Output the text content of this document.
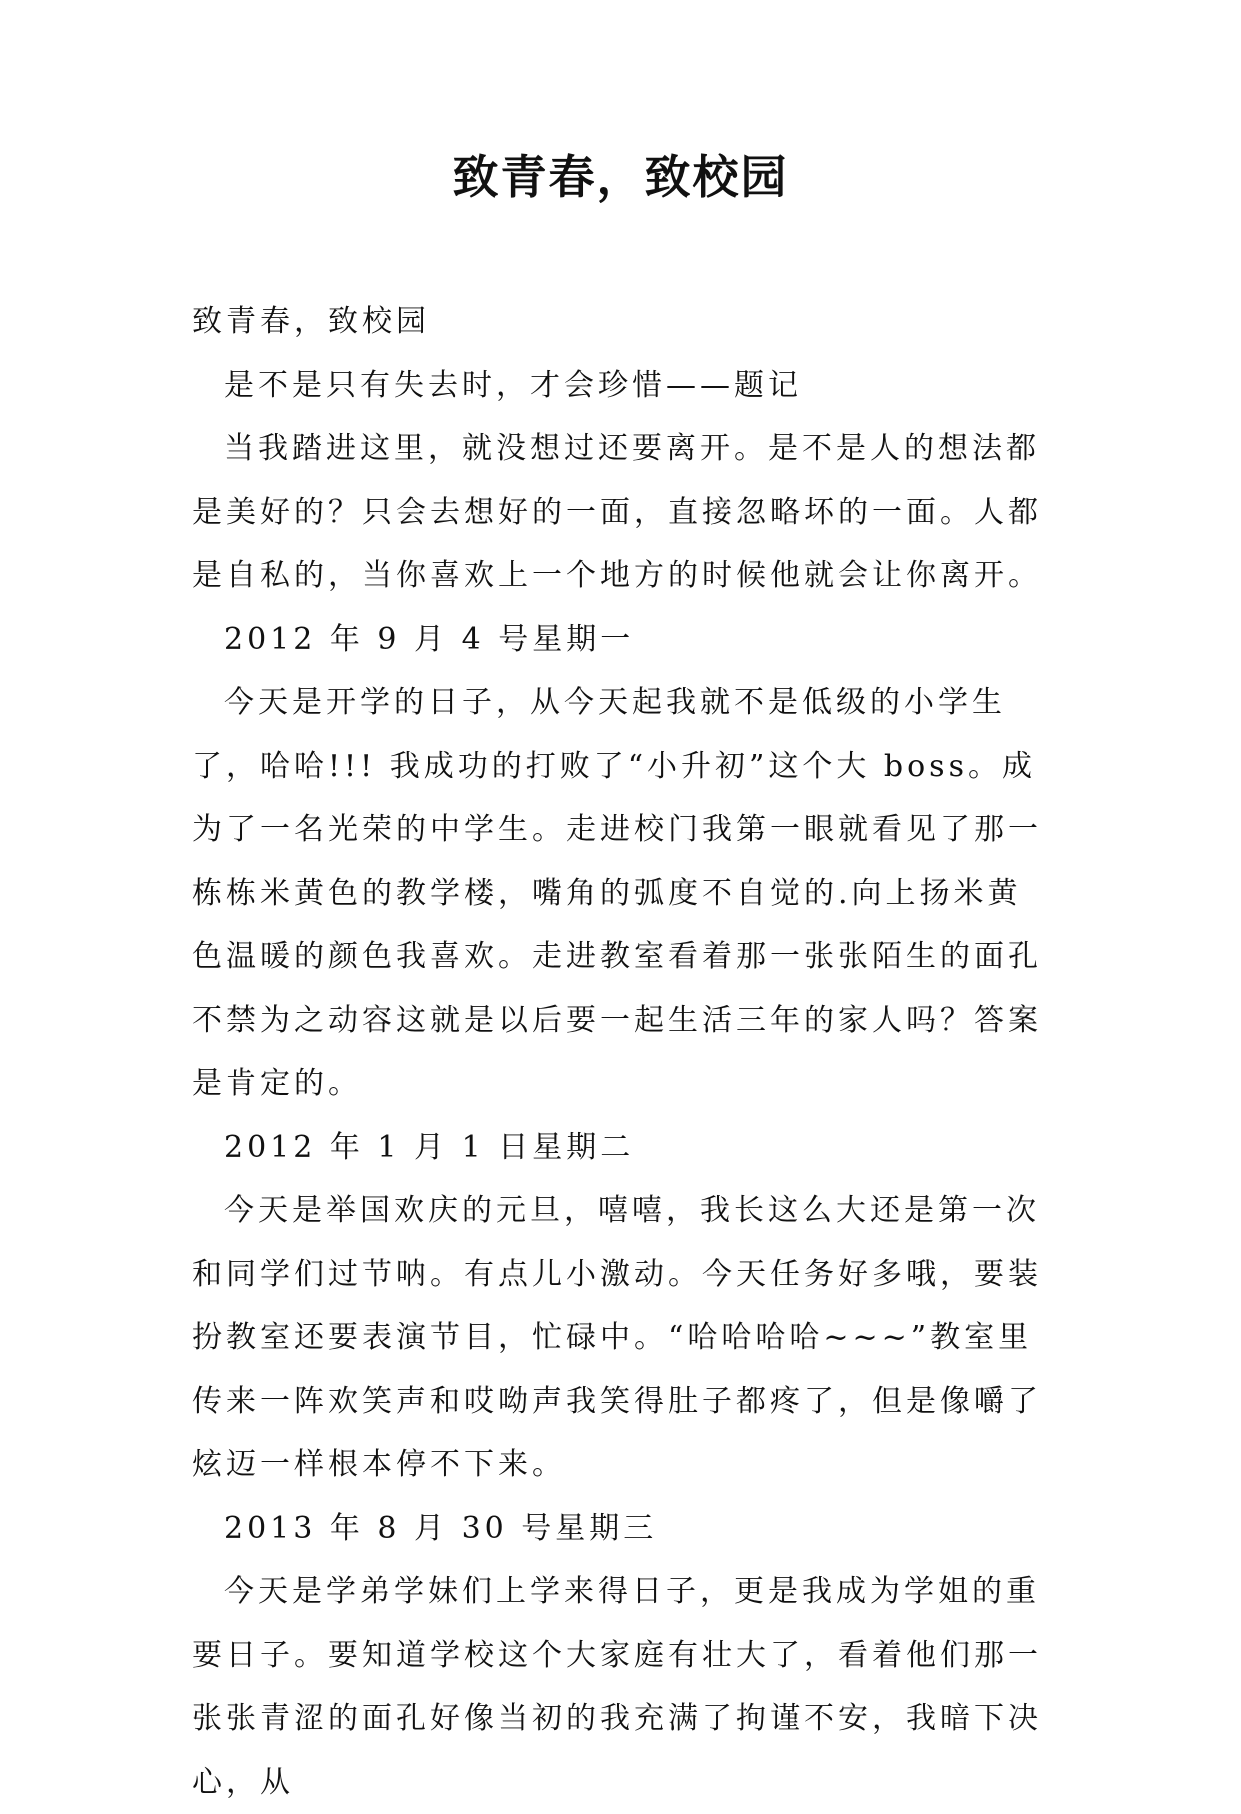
致青春，致校园

致青春，致校园

是不是只有失去时，才会珍惜——题记

当我踏进这里，就没想过还要离开。是不是人的想法都是美好的？只会去想好的一面，直接忽略坏的一面。人都是自私的，当你喜欢上一个地方的时候他就会让你离开。

2012 年 9 月 4 号星期一

今天是开学的日子，从今天起我就不是低级的小学生了，哈哈!!! 我成功的打败了“小升初”这个大 boss。成为了一名光荣的中学生。走进校门我第一眼就看见了那一栋栋米黄色的教学楼，嘴角的弧度不自觉的.向上扬米黄色温暖的颜色我喜欢。走进教室看着那一张张陌生的面孔不禁为之动容这就是以后要一起生活三年的家人吗？答案是肯定的。

2012 年 1 月 1 日星期二

今天是举国欢庆的元旦，嘻嘻，我长这么大还是第一次和同学们过节呐。有点儿小激动。今天任务好多哦，要装扮教室还要表演节目，忙碌中。“哈哈哈哈~~~”教室里传来一阵欢笑声和哎呦声我笑得肚子都疼了，但是像嚼了炫迈一样根本停不下来。

2013 年 8 月 30 号星期三

今天是学弟学妹们上学来得日子，更是我成为学姐的重要日子。要知道学校这个大家庭有壮大了，看着他们那一张张青涩的面孔好像当初的我充满了拘谨不安，我暗下决心，从
